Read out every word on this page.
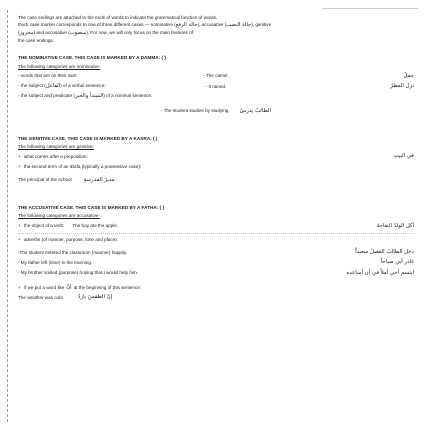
The case endings are attached to the ends of words to indicate the grammatical function of words.

Each case marker corresponds to one of three different cases — nominative (حالة الرفع), accusative (حالة النصب), genitive

(مجرور) and accusative (منصوب). For now, we will only focus on the main features of

the case endings.

THE NOMINATIVE CASE. THIS CASE IS MARKED BY A DAMMA: ( )

The following categories are nominative:

- words that are on their own:	- The camel.	جملٌ
- the subject (الفاعل) of a verbal sentence:	- It rained.	نزل المطرُ
- the subject and predicate (المبتدأ والخبر) of a nominal sentence:
- The student studies by studying. الطالبُ يدرسُ

THE GENITIVE CASE. THIS CASE IS MARKED BY A KASRA: ( )

The following categories are genitive:

+ what comes after a preposition:	في البيتِ
+ the second term of an iDafa (typically a possessive case):
The principal of the school مديرُ المدرسةِ

THE ACCUSATIVE CASE. THIS CASE IS MARKED BY A FATHA: ( )

The following categories are accusative:

+ the object of a verb: The boy ate the apple.	أكل الولدُ التفاحةَ
+ adverbs (of manner, purpose, time and place):
-The student entered the classroom (manner) happily.	دخل الطالبُ الفصلَ سعيداً
- My father left (time) in the morning.	غادر أبي صباحاً
- My brother smiled (purpose) hoping that I would help him.	ابتسم أخي أملاً في أن أساعده
+ if we put a word like إنّ at the beginning of this sentence:
The weather was cold.	إنّ الطقسَ باردٌ
